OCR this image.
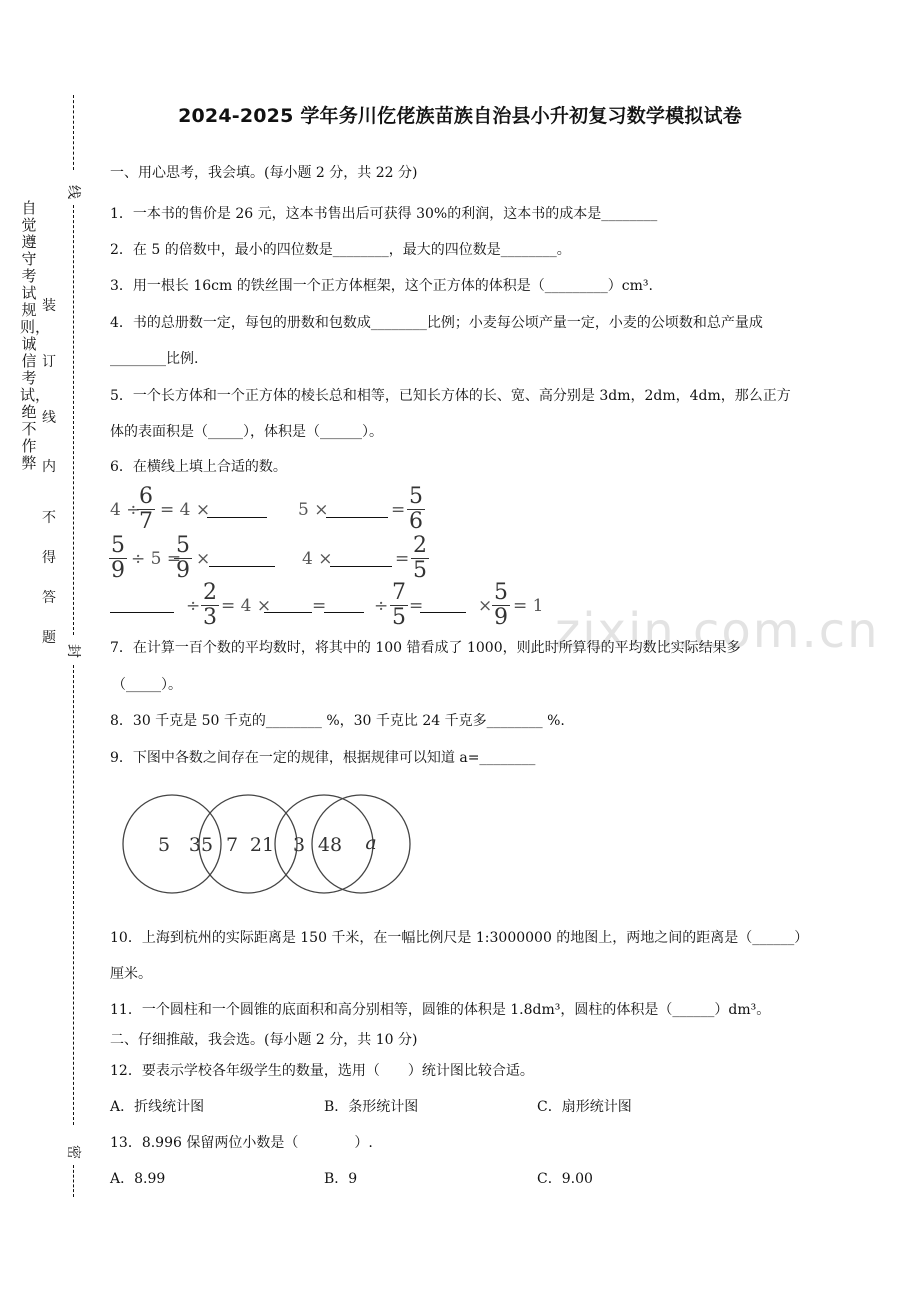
线
封
密
自觉遵守考试规则，诚信考试，绝不作弊
装
订
线
内
不
得
答
题	zixin.com.cn
2024-2025 学年务川仡佬族苗族自治县小升初复习数学模拟试卷
一、用心思考，我会填。(每小题 2 分，共 22 分)
1．一本书的售价是 26 元，这本书售出后可获得 30%的利润，这本书的成本是________
2．在 5 的倍数中，最小的四位数是________，最大的四位数是________。
3．用一根长 16cm 的铁丝围一个正方体框架，这个正方体的体积是（_________）cm³.
4．书的总册数一定，每包的册数和包数成________比例；小麦每公顷产量一定，小麦的公顷数和总产量成
________比例.
5．一个长方体和一个正方体的棱长总和相等，已知长方体的长、宽、高分别是 3dm，2dm，4dm，那么正方
体的表面积是（_____），体积是（______）。
6．在横线上填上合适的数。
4 ÷
6
7 = 4 ×	5 ×	=
5
6
5
9 ÷ 5 =
5
9 ×	4 ×	=
2
5
÷
2
3 = 4 × =	÷
7
5 =	×
5
9 = 1
7．在计算一百个数的平均数时，将其中的 100 错看成了 1000，则此时所算得的平均数比实际结果多
（_____）。
8．30 千克是 50 千克的________ %，30 千克比 24 千克多________ %.
9．下图中各数之间存在一定的规律，根据规律可以知道 a=________
5 35 7 21 3 48 a
10．上海到杭州的实际距离是 150 千米，在一幅比例尺是 1:3000000 的地图上，两地之间的距离是（______）
厘米。
11．一个圆柱和一个圆锥的底面积和高分别相等，圆锥的体积是 1.8dm³，圆柱的体积是（______）dm³。
二、仔细推敲，我会选。(每小题 2 分，共 10 分)
12．要表示学校各年级学生的数量，选用（　　）统计图比较合适。
A．折线统计图	B．条形统计图	C．扇形统计图
13．8.996 保留两位小数是（　　　　）.
A．8.99	B．9	C．9.00
